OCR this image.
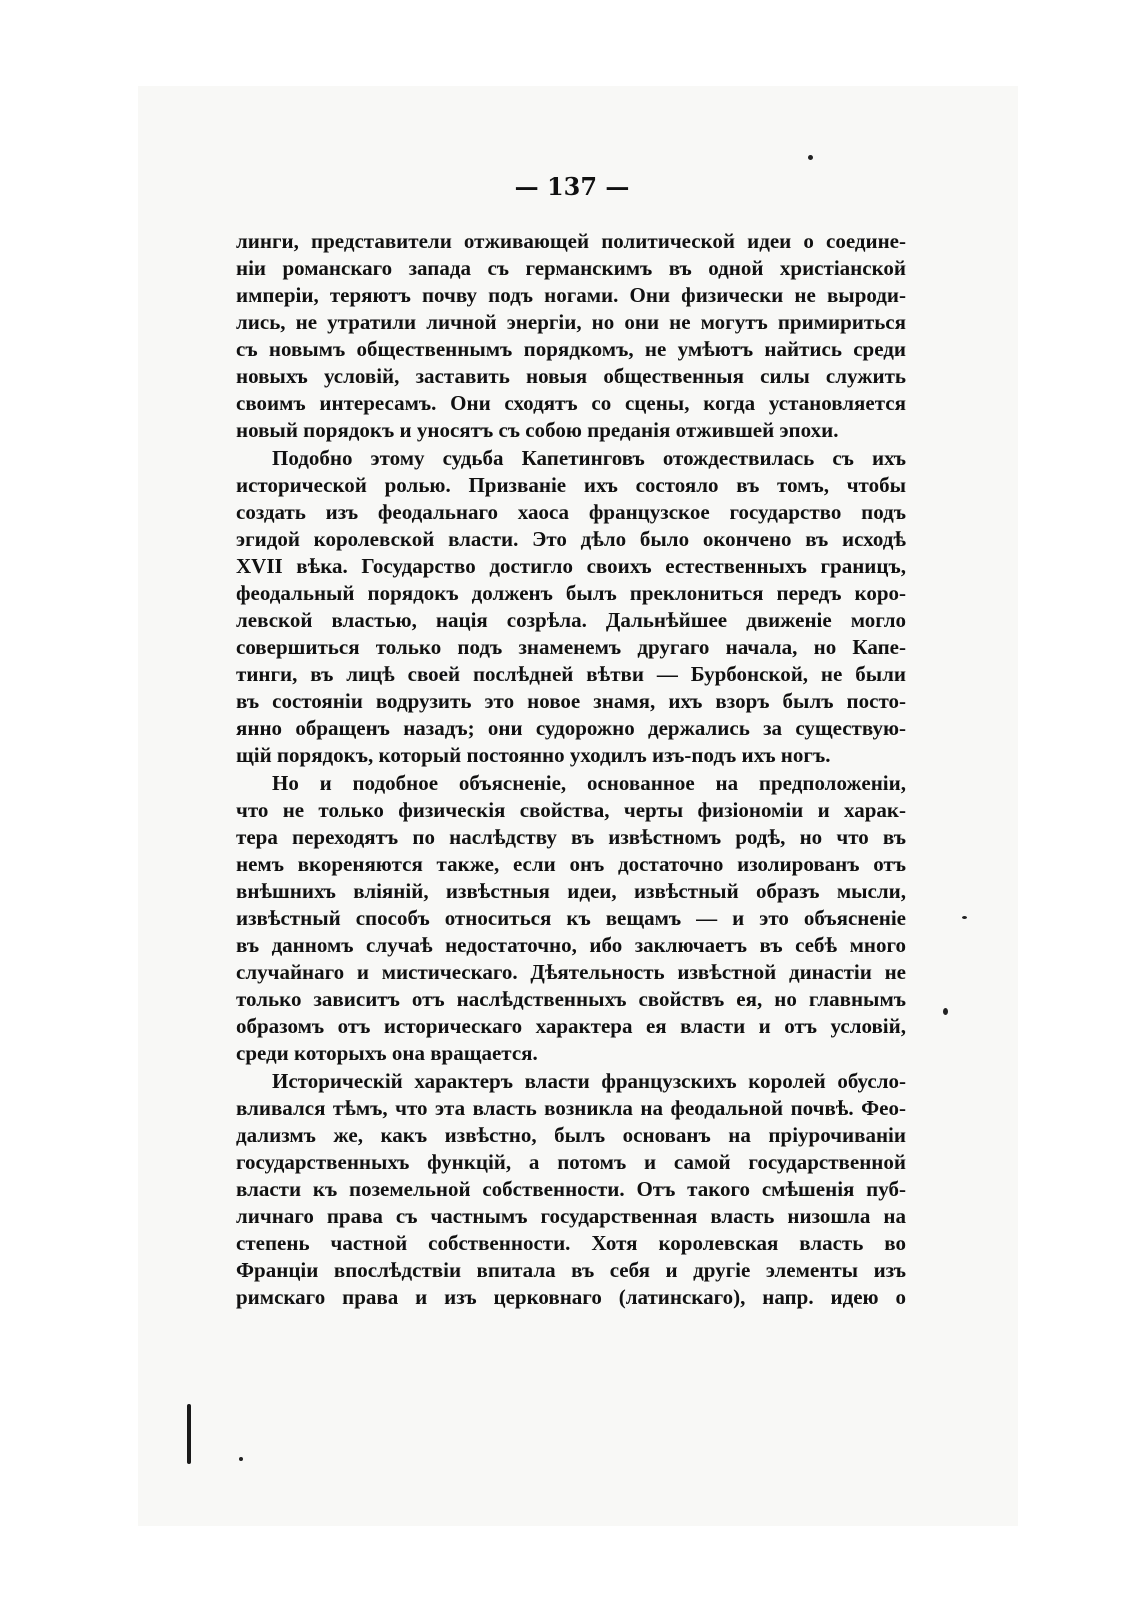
— 137 —
линги, представители отживающей политической идеи о соедине-
ніи романскаго запада съ германскимъ въ одной христіанской
имперіи, теряютъ почву подъ ногами. Они физически не выроди-
лись, не утратили личной энергіи, но они не могутъ примириться
съ новымъ общественнымъ порядкомъ, не умѣютъ найтись среди
новыхъ условій, заставить новыя общественныя силы служить
своимъ интересамъ. Они сходятъ со сцены, когда установляется
новый порядокъ и уносятъ съ собою преданія отжившей эпохи.
Подобно этому судьба Капетинговъ отождествилась съ ихъ
исторической ролью. Призваніе ихъ состояло въ томъ, чтобы
создать изъ феодальнаго хаоса французское государство подъ
эгидой королевской власти. Это дѣло было окончено въ исходѣ
XVII вѣка. Государство достигло своихъ естественныхъ границъ,
феодальный порядокъ долженъ былъ преклониться передъ коро-
левской властью, нація созрѣла. Дальнѣйшее движеніе могло
совершиться только подъ знаменемъ другаго начала, но Капе-
тинги, въ лицѣ своей послѣдней вѣтви — Бурбонской, не были
въ состояніи водрузить это новое знамя, ихъ взоръ былъ посто-
янно обращенъ назадъ; они судорожно держались за существую-
щій порядокъ, который постоянно уходилъ изъ-подъ ихъ ногъ.
Но и подобное объясненіе, основанное на предположеніи,
что не только физическія свойства, черты физіономіи и харак-
тера переходятъ по наслѣдству въ извѣстномъ родѣ, но что въ
немъ вкореняются также, если онъ достаточно изолированъ отъ
внѣшнихъ вліяній, извѣстныя идеи, извѣстный образъ мысли,
извѣстный способъ относиться къ вещамъ — и это объясненіе
въ данномъ случаѣ недостаточно, ибо заключаетъ въ себѣ много
случайнаго и мистическаго. Дѣятельность извѣстной династіи не
только зависитъ отъ наслѣдственныхъ свойствъ ея, но главнымъ
образомъ отъ историческаго характера ея власти и отъ условій,
среди которыхъ она вращается.
Историческій характеръ власти французскихъ королей обусло-
вливался тѣмъ, что эта власть возникла на феодальной почвѣ. Фео-
дализмъ же, какъ извѣстно, былъ основанъ на пріурочиваніи
государственныхъ функцій, а потомъ и самой государственной
власти къ поземельной собственности. Отъ такого смѣшенія пуб-
личнаго права съ частнымъ государственная власть низошла на
степень частной собственности. Хотя королевская власть во
Франціи впослѣдствіи впитала въ себя и другіе элементы изъ
римскаго права и изъ церковнаго (латинскаго), напр. идею о
